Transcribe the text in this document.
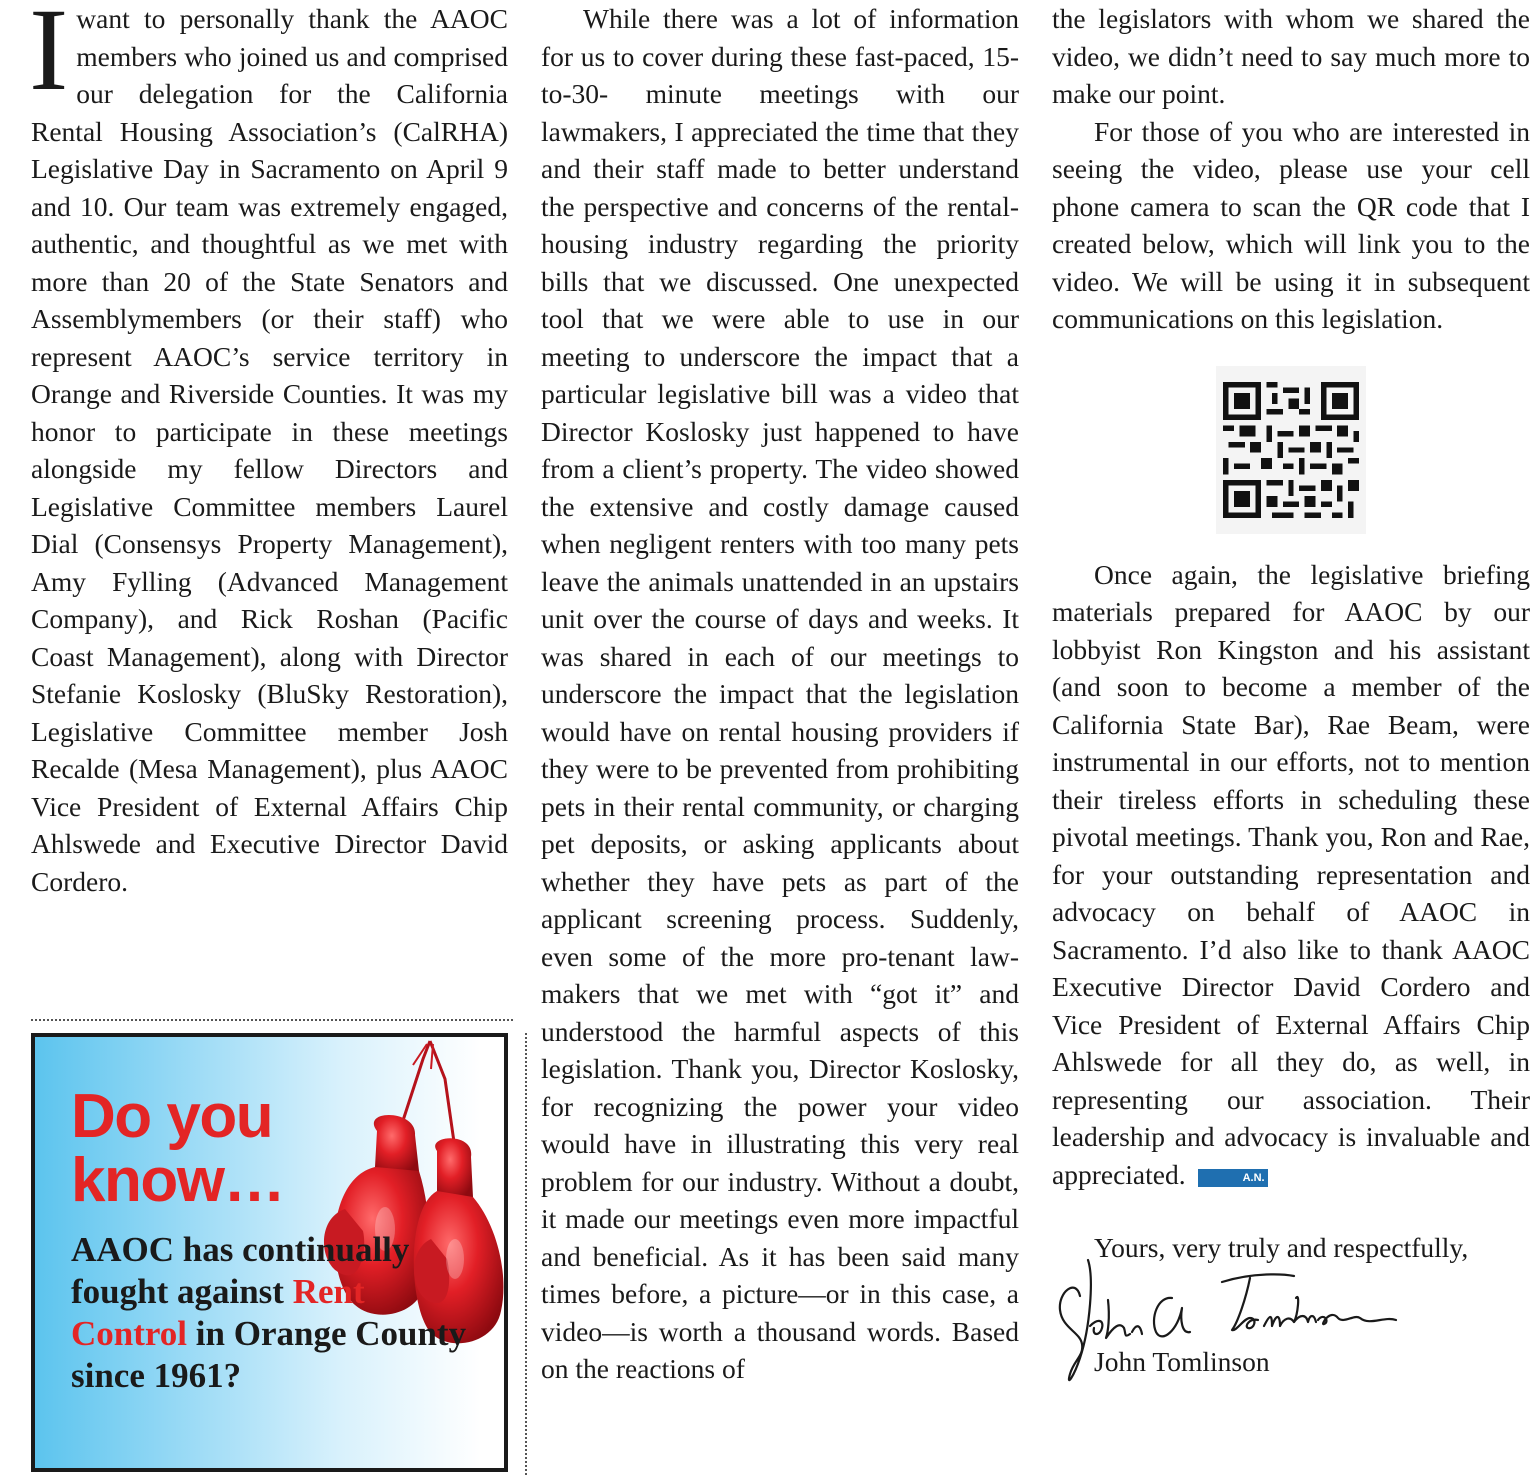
Iwant to personally thank the AAOC members who joined us and comprised our delegation for the California Rental Housing Association’s (CalRHA) Legislative Day in Sacramento on April 9 and 10. Our team was extremely engaged, authentic, and thoughtful as we met with more than 20 of the State Senators and Assemblymembers (or their staff) who represent AAOC’s service territory in Orange and Riverside Counties. It was my honor to participate in these meetings alongside my fellow Directors and Legislative Committee members Laurel Dial (Consensys Property Management), Amy Fylling (Advanced Management Company), and Rick Roshan (Pacific Coast Management), along with Director Stefanie Koslosky (BluSky Restoration), Legislative Committee member Josh Recalde (Mesa Management), plus AAOC Vice President of External Affairs Chip Ahlswede and Executive Director David Cordero.

Do you know…

AAOC has continually fought against Rent Control in Orange County since 1961?

While there was a lot of information for us to cover during these fast-paced, 15-to-30- minute meetings with our lawmakers, I appreciated the time that they and their staff made to better understand the perspective and concerns of the rental-housing industry regarding the priority bills that we discussed. One unexpected tool that we were able to use in our meeting to underscore the impact that a particular legislative bill was a video that Director Koslosky just happened to have from a client’s property. The video showed the extensive and costly damage caused when negligent renters with too many pets leave the animals unattended in an upstairs unit over the course of days and weeks. It was shared in each of our meetings to underscore the impact that the legislation would have on rental housing providers if they were to be prevented from prohibiting pets in their rental community, or charging pet deposits, or asking applicants about whether they have pets as part of the applicant screening process. Suddenly, even some of the more pro-tenant lawmakers that we met with “got it” and understood the harmful aspects of this legislation. Thank you, Director Koslosky, for recognizing the power your video would have in illustrating this very real problem for our industry. Without a doubt, it made our meetings even more impactful and beneficial. As it has been said many times before, a picture—or in this case, a video—is worth a thousand words. Based on the reactions of

the legislators with whom we shared the video, we didn’t need to say much more to make our point.

For those of you who are interested in seeing the video, please use your cell phone camera to scan the QR code that I created below, which will link you to the video. We will be using it in subsequent communications on this legislation.

Once again, the legislative briefing materials prepared for AAOC by our lobbyist Ron Kingston and his assistant (and soon to become a member of the California State Bar), Rae Beam, were instrumental in our efforts, not to mention their tireless efforts in scheduling these pivotal meetings. Thank you, Ron and Rae, for your outstanding representation and advocacy on behalf of AAOC in Sacramento. I’d also like to thank AAOC Executive Director David Cordero and Vice President of External Affairs Chip Ahlswede for all they do, as well, in representing our association. Their leadership and advocacy is invaluable and appreciated.	A.N.

Yours, very truly and respectfully,

John Tomlinson
